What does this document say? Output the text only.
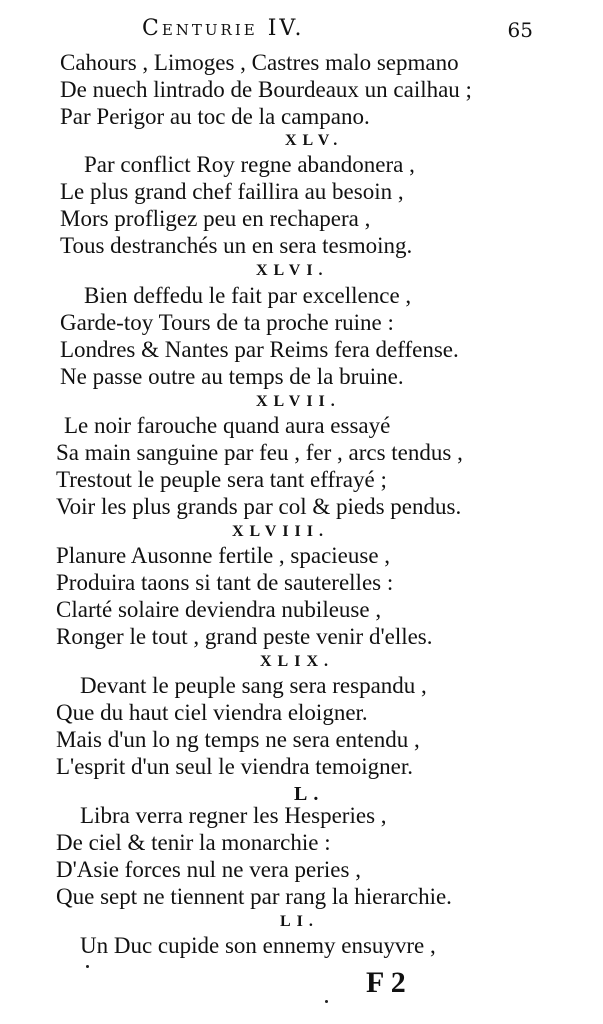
Centurie IV.	65
Cahours , Limoges , Castres malo sepmano
De nuech lintrado de Bourdeaux un cailhau ;
Par Perigor au toc de la campano.
XLV.
Par conflict Roy regne abandonera ,
Le plus grand chef faillira au besoin ,
Mors profligez peu en rechapera ,
Tous destranchés un en sera tesmoing.
XLVI.
Bien deffedu le fait par excellence ,
Garde-toy Tours de ta proche ruine :
Londres & Nantes par Reims fera deffense.
Ne passe outre au temps de la bruine.
XLVII.
Le noir farouche quand aura essayé
Sa main sanguine par feu , fer , arcs tendus ,
Trestout le peuple sera tant effrayé ;
Voir les plus grands par col & pieds pendus.
XLVIII.
Planure Ausonne fertile , spacieuse ,
Produira taons si tant de sauterelles :
Clarté solaire deviendra nubileuse ,
Ronger le tout , grand peste venir d'elles.
XLIX.
Devant le peuple sang sera respandu ,
Que du haut ciel viendra eloigner.
Mais d'un lo ng temps ne sera entendu ,
L'esprit d'un seul le viendra temoigner.
L.
Libra verra regner les Hesperies ,
De ciel & tenir la monarchie :
D'Asie forces nul ne vera peries ,
Que sept ne tiennent par rang la hierarchie.
LI.
Un Duc cupide son ennemy ensuyvre ,
F 2
